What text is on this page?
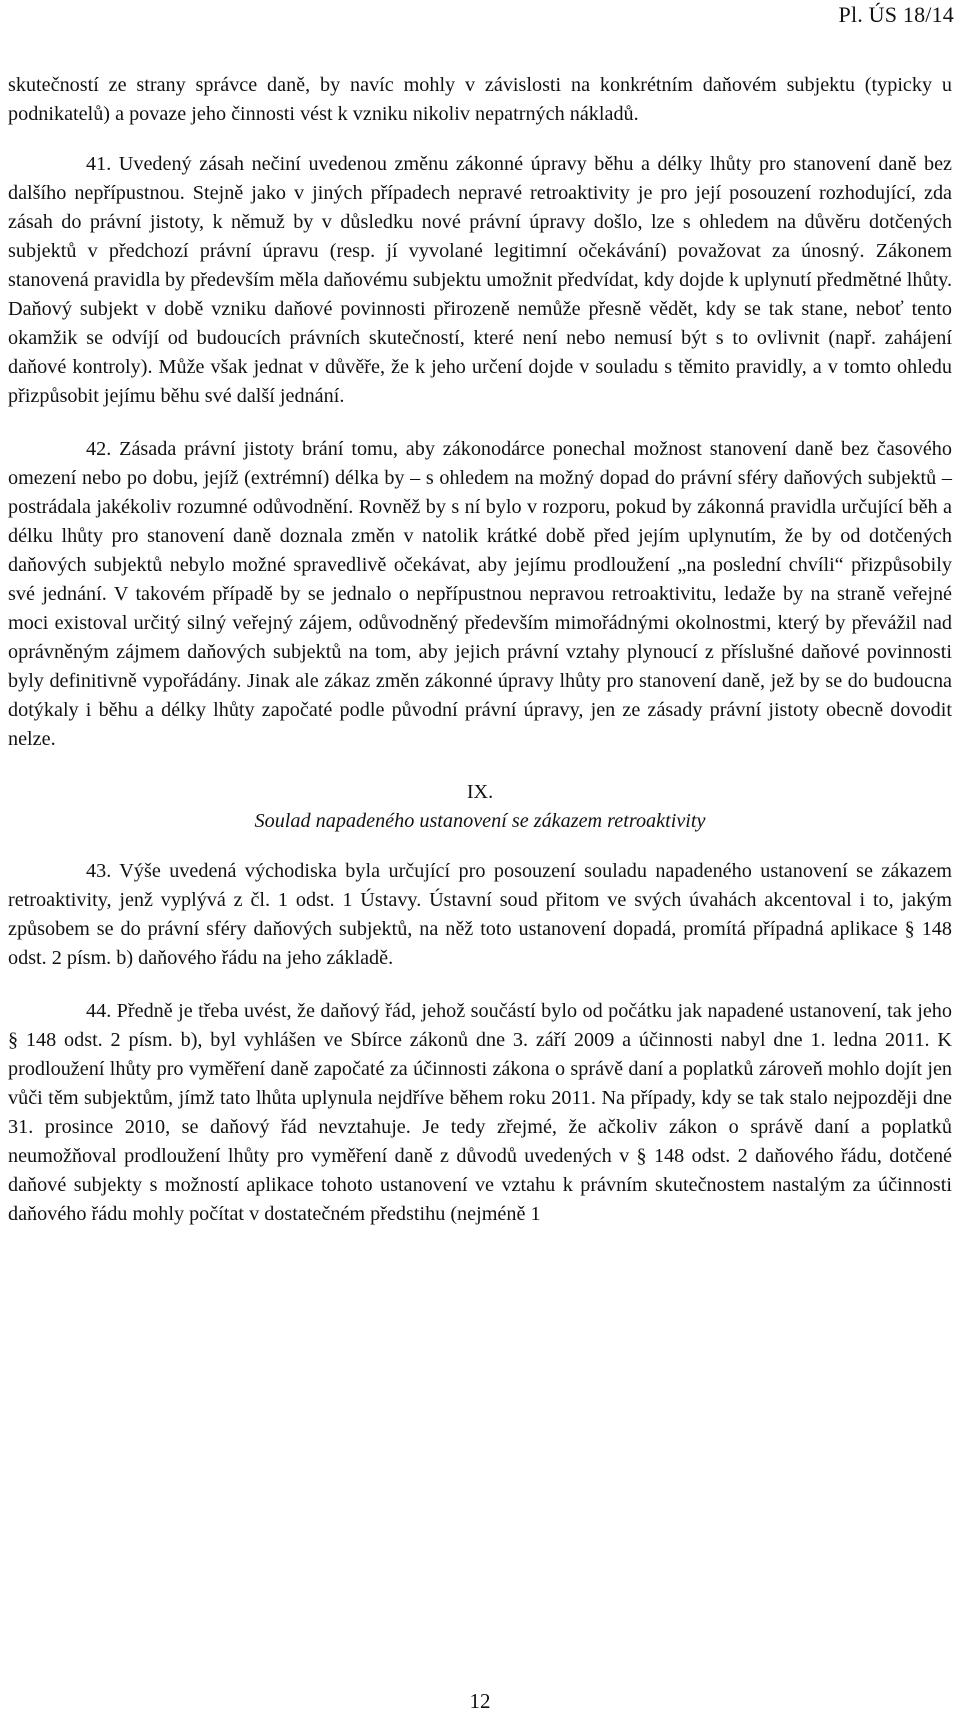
Pl. ÚS 18/14

skutečností ze strany správce daně, by navíc mohly v závislosti na konkrétním daňovém subjektu (typicky u podnikatelů) a povaze jeho činnosti vést k vzniku nikoliv nepatrných nákladů.

41. Uvedený zásah nečiní uvedenou změnu zákonné úpravy běhu a délky lhůty pro stanovení daně bez dalšího nepřípustnou. Stejně jako v jiných případech nepravé retroaktivity je pro její posouzení rozhodující, zda zásah do právní jistoty, k němuž by v důsledku nové právní úpravy došlo, lze s ohledem na důvěru dotčených subjektů v předchozí právní úpravu (resp. jí vyvolané legitimní očekávání) považovat za únosný. Zákonem stanovená pravidla by především měla daňovému subjektu umožnit předvídat, kdy dojde k uplynutí předmětné lhůty. Daňový subjekt v době vzniku daňové povinnosti přirozeně nemůže přesně vědět, kdy se tak stane, neboť tento okamžik se odvíjí od budoucích právních skutečností, které není nebo nemusí být s to ovlivnit (např. zahájení daňové kontroly). Může však jednat v důvěře, že k jeho určení dojde v souladu s těmito pravidly, a v tomto ohledu přizpůsobit jejímu běhu své další jednání.

42. Zásada právní jistoty brání tomu, aby zákonodárce ponechal možnost stanovení daně bez časového omezení nebo po dobu, jejíž (extrémní) délka by – s ohledem na možný dopad do právní sféry daňových subjektů – postrádala jakékoliv rozumné odůvodnění. Rovněž by s ní bylo v rozporu, pokud by zákonná pravidla určující běh a délku lhůty pro stanovení daně doznala změn v natolik krátké době před jejím uplynutím, že by od dotčených daňových subjektů nebylo možné spravedlivě očekávat, aby jejímu prodloužení „na poslední chvíli“ přizpůsobily své jednání. V takovém případě by se jednalo o nepřípustnou nepravou retroaktivitu, ledaže by na straně veřejné moci existoval určitý silný veřejný zájem, odůvodněný především mimořádnými okolnostmi, který by převážil nad oprávněným zájmem daňových subjektů na tom, aby jejich právní vztahy plynoucí z příslušné daňové povinnosti byly definitivně vypořádány. Jinak ale zákaz změn zákonné úpravy lhůty pro stanovení daně, jež by se do budoucna dotýkaly i běhu a délky lhůty započaté podle původní právní úpravy, jen ze zásady právní jistoty obecně dovodit nelze.

IX.

Soulad napadeného ustanovení se zákazem retroaktivity

43. Výše uvedená východiska byla určující pro posouzení souladu napadeného ustanovení se zákazem retroaktivity, jenž vyplývá z čl. 1 odst. 1 Ústavy. Ústavní soud přitom ve svých úvahách akcentoval i to, jakým způsobem se do právní sféry daňových subjektů, na něž toto ustanovení dopadá, promítá případná aplikace § 148 odst. 2 písm. b) daňového řádu na jeho základě.

44. Předně je třeba uvést, že daňový řád, jehož součástí bylo od počátku jak napadené ustanovení, tak jeho § 148 odst. 2 písm. b), byl vyhlášen ve Sbírce zákonů dne 3. září 2009 a účinnosti nabyl dne 1. ledna 2011. K prodloužení lhůty pro vyměření daně započaté za účinnosti zákona o správě daní a poplatků zároveň mohlo dojít jen vůči těm subjektům, jímž tato lhůta uplynula nejdříve během roku 2011. Na případy, kdy se tak stalo nejpozději dne 31. prosince 2010, se daňový řád nevztahuje. Je tedy zřejmé, že ačkoliv zákon o správě daní a poplatků neumožňoval prodloužení lhůty pro vyměření daně z důvodů uvedených v § 148 odst. 2 daňového řádu, dotčené daňové subjekty s možností aplikace tohoto ustanovení ve vztahu k právním skutečnostem nastalým za účinnosti daňového řádu mohly počítat v dostatečném předstihu (nejméně 1

12
